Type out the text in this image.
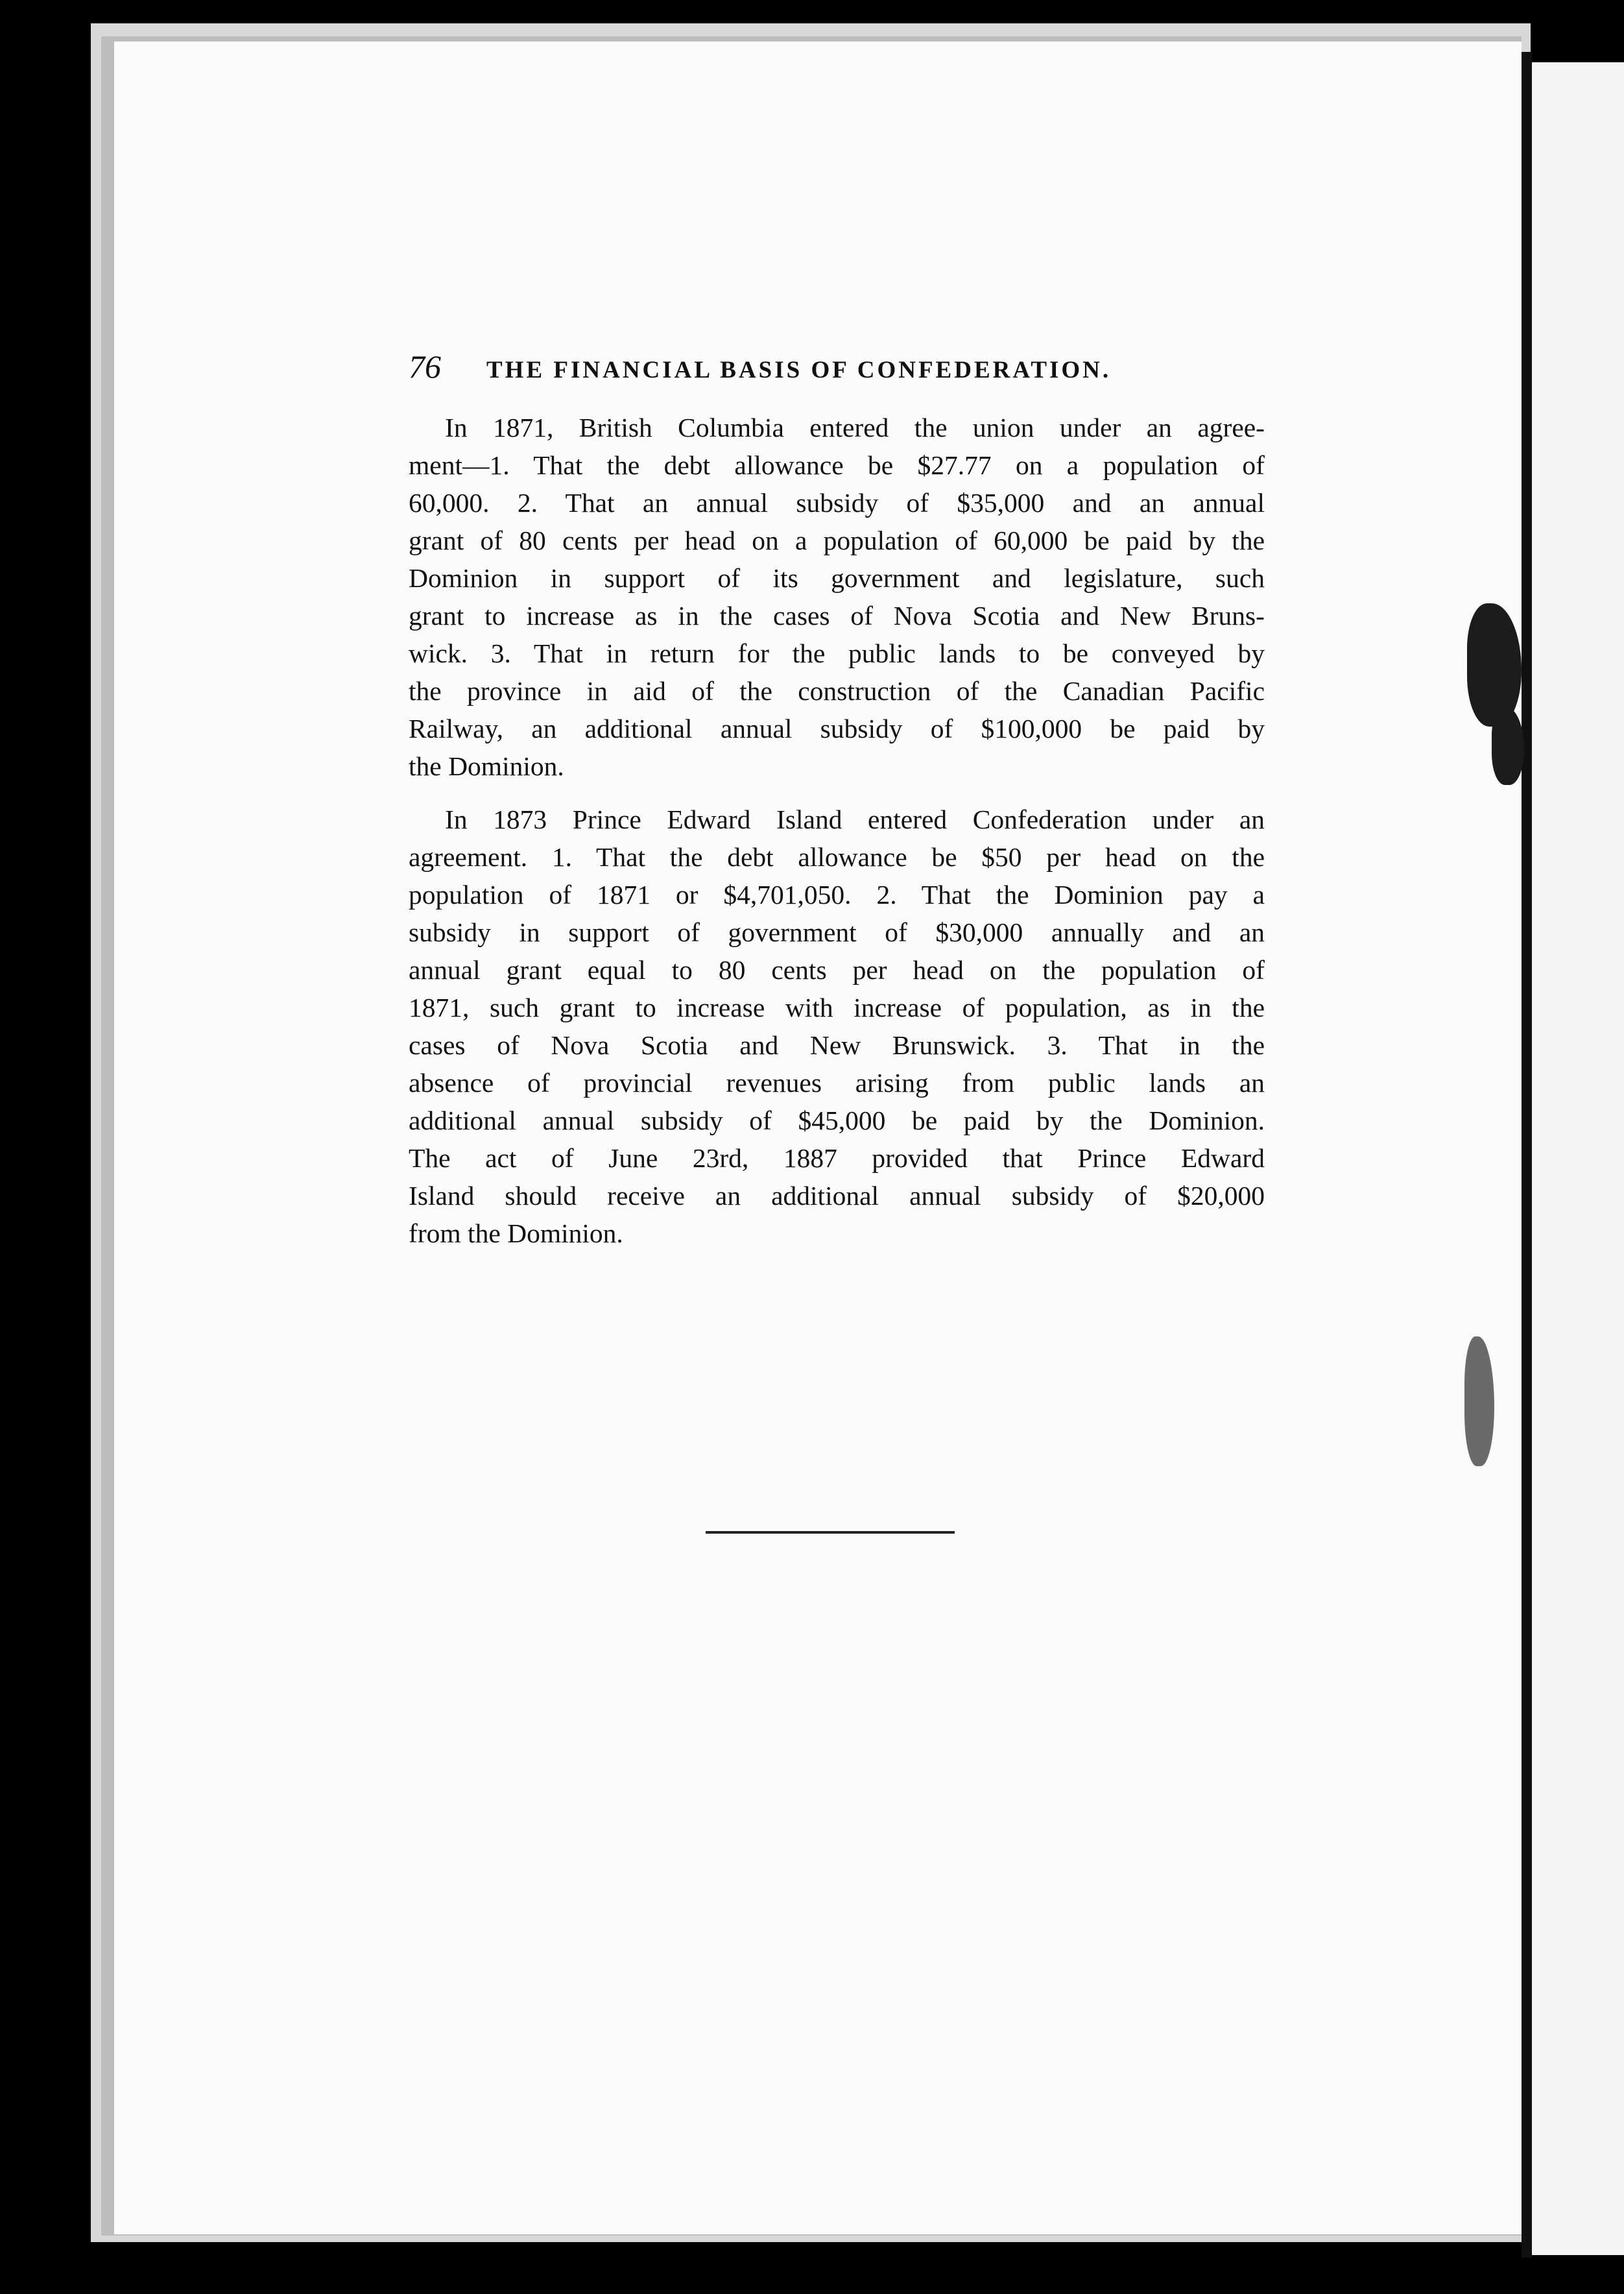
76	THE FINANCIAL BASIS OF CONFEDERATION.

In 1871, British Columbia entered the union under an agree-
ment—1. That the debt allowance be $27.77 on a population of
60,000. 2. That an annual subsidy of $35,000 and an annual
grant of 80 cents per head on a population of 60,000 be paid by the
Dominion in support of its government and legislature, such
grant to increase as in the cases of Nova Scotia and New Bruns-
wick. 3. That in return for the public lands to be conveyed by
the province in aid of the construction of the Canadian Pacific
Railway, an additional annual subsidy of $100,000 be paid by
the Dominion.

In 1873 Prince Edward Island entered Confederation under an
agreement. 1. That the debt allowance be $50 per head on the
population of 1871 or $4,701,050. 2. That the Dominion pay a
subsidy in support of government of $30,000 annually and an
annual grant equal to 80 cents per head on the population of
1871, such grant to increase with increase of population, as in the
cases of Nova Scotia and New Brunswick. 3. That in the
absence of provincial revenues arising from public lands an
additional annual subsidy of $45,000 be paid by the Dominion.
The act of June 23rd, 1887 provided that Prince Edward
Island should receive an additional annual subsidy of $20,000
from the Dominion.
